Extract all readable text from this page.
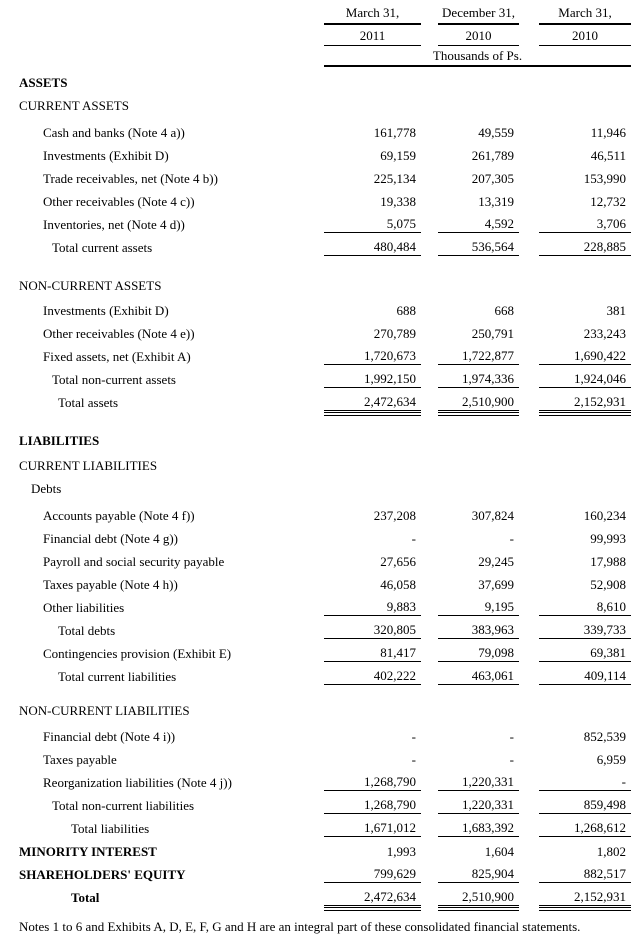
March 31,	December 31,	March 31,
2011	2010	2010
Thousands of Ps.
ASSETS
CURRENT ASSETS
Cash and banks (Note 4 a))	161,778	49,559	11,946
Investments (Exhibit D)	69,159	261,789	46,511
Trade receivables, net (Note 4 b))	225,134	207,305	153,990
Other receivables (Note 4 c))	19,338	13,319	12,732
Inventories, net (Note 4 d))	5,075	4,592	3,706
Total current assets	480,484	536,564	228,885
NON-CURRENT ASSETS
Investments (Exhibit D)	688	668	381
Other receivables (Note 4 e))	270,789	250,791	233,243
Fixed assets, net (Exhibit A)	1,720,673	1,722,877	1,690,422
Total non-current assets	1,992,150	1,974,336	1,924,046
Total assets	2,472,634	2,510,900	2,152,931
LIABILITIES
CURRENT LIABILITIES
Debts
Accounts payable (Note 4 f))	237,208	307,824	160,234
Financial debt (Note 4 g))	-	-	99,993
Payroll and social security payable	27,656	29,245	17,988
Taxes payable (Note 4 h))	46,058	37,699	52,908
Other liabilities	9,883	9,195	8,610
Total debts	320,805	383,963	339,733
Contingencies provision (Exhibit E)	81,417	79,098	69,381
Total current liabilities	402,222	463,061	409,114
NON-CURRENT LIABILITIES
Financial debt (Note 4 i))	-	-	852,539
Taxes payable	-	-	6,959
Reorganization liabilities (Note 4 j))	1,268,790	1,220,331	-
Total non-current liabilities	1,268,790	1,220,331	859,498
Total liabilities	1,671,012	1,683,392	1,268,612
MINORITY INTEREST	1,993	1,604	1,802
SHAREHOLDERS' EQUITY	799,629	825,904	882,517
Total	2,472,634	2,510,900	2,152,931
Notes 1 to 6 and Exhibits A, D, E, F, G and H are an integral part of these consolidated financial statements.
